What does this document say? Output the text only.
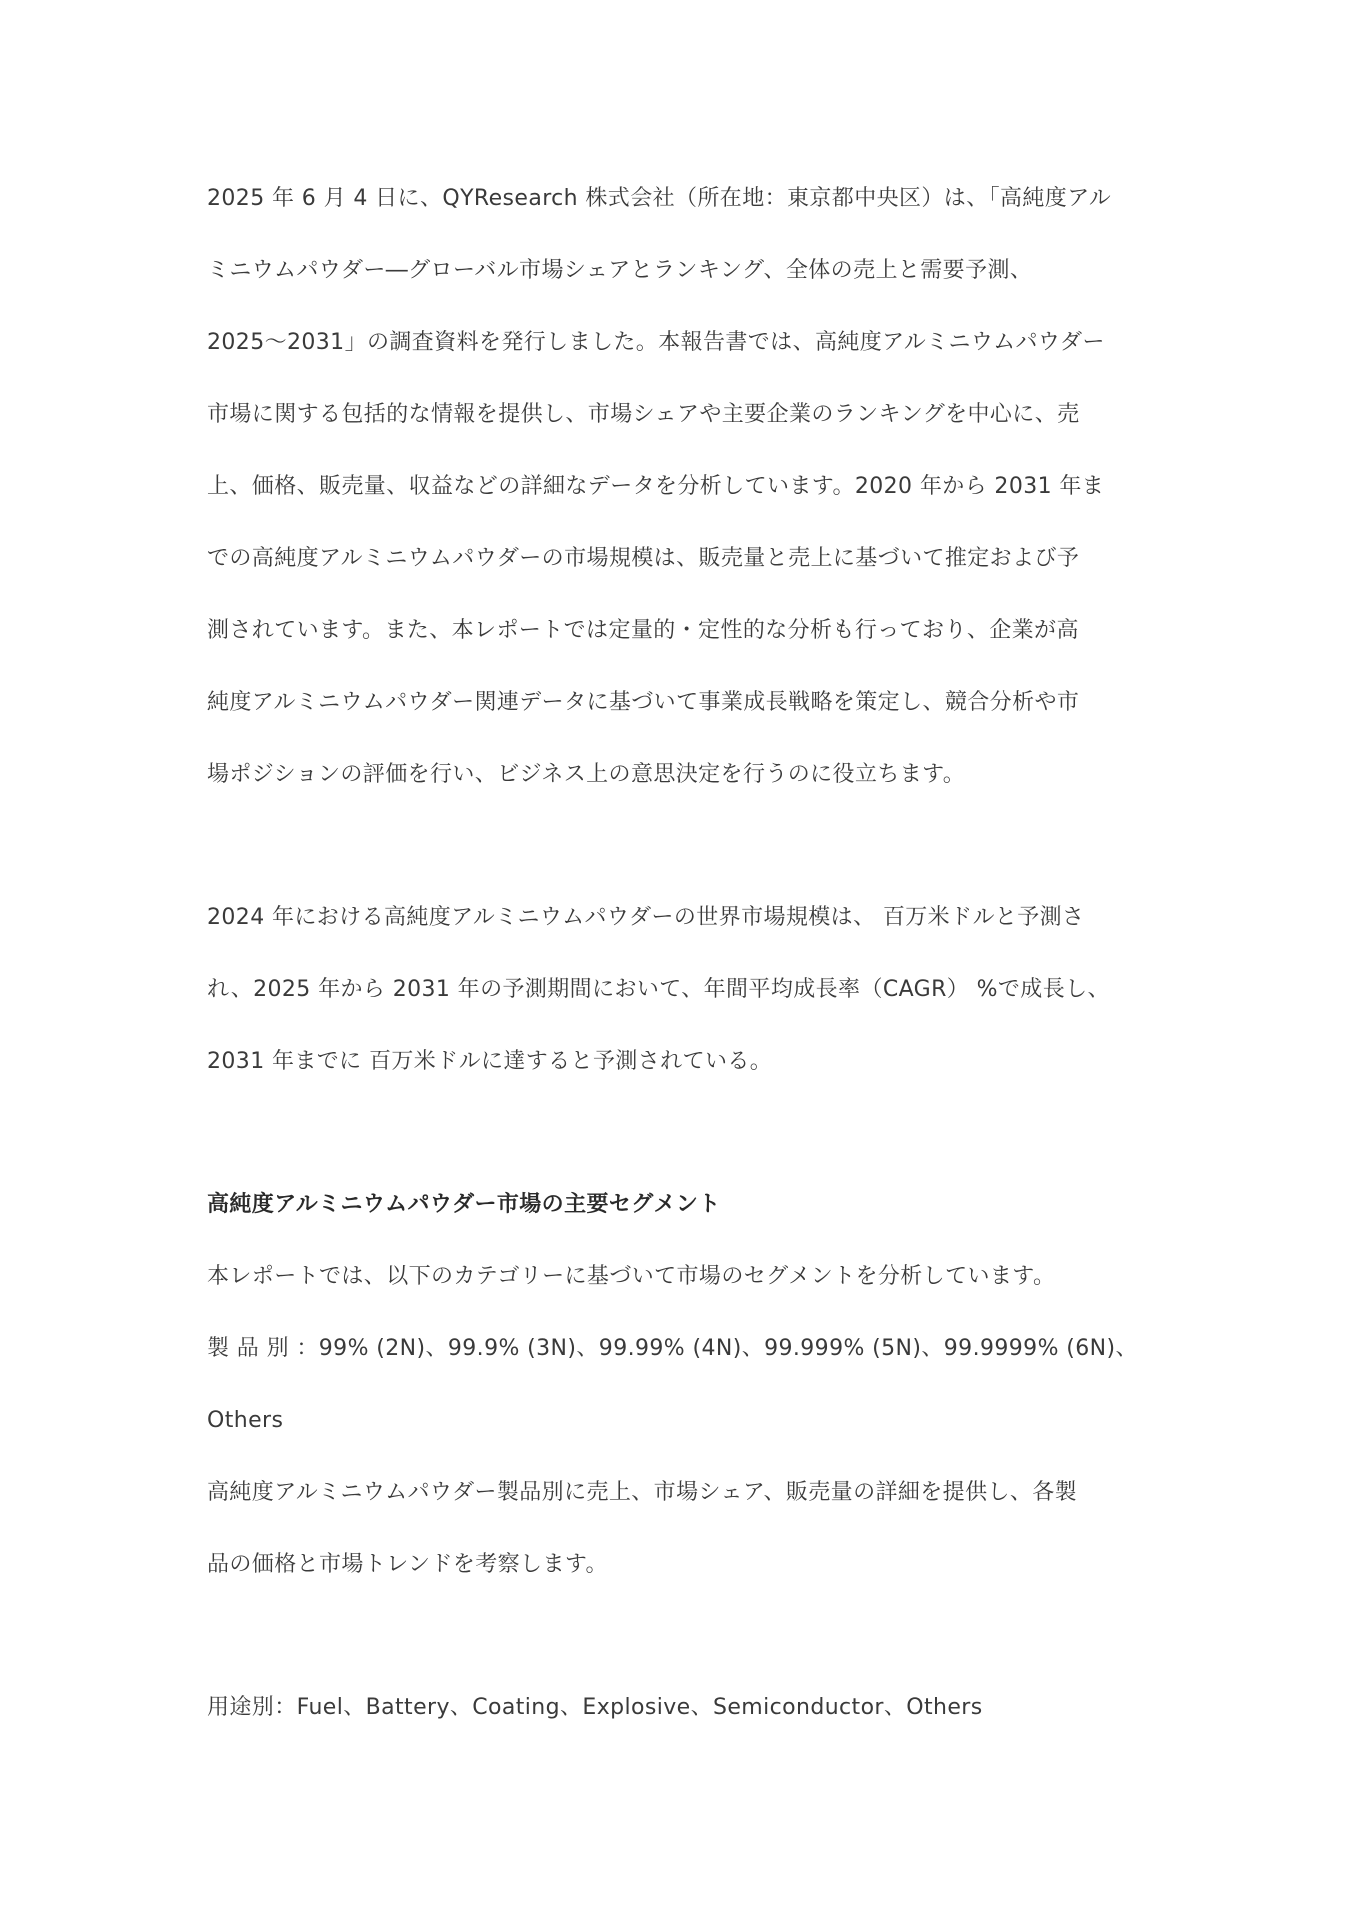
2025 年 6 月 4 日に、QYResearch 株式会社（所在地：東京都中央区）は、「高純度アル
ミニウムパウダー―グローバル市場シェアとランキング、全体の売上と需要予測、
2025～2031」の調査資料を発行しました。本報告書では、高純度アルミニウムパウダー
市場に関する包括的な情報を提供し、市場シェアや主要企業のランキングを中心に、売
上、価格、販売量、収益などの詳細なデータを分析しています。2020 年から 2031 年ま
での高純度アルミニウムパウダーの市場規模は、販売量と売上に基づいて推定および予
測されています。また、本レポートでは定量的・定性的な分析も行っており、企業が高
純度アルミニウムパウダー関連データに基づいて事業成長戦略を策定し、競合分析や市
場ポジションの評価を行い、ビジネス上の意思決定を行うのに役立ちます。
2024 年における高純度アルミニウムパウダーの世界市場規模は、 百万米ドルと予測さ
れ、2025 年から 2031 年の予測期間において、年間平均成長率（CAGR） %で成長し、
2031 年までに 百万米ドルに達すると予測されている。
高純度アルミニウムパウダー市場の主要セグメント
本レポートでは、以下のカテゴリーに基づいて市場のセグメントを分析しています。
製 品 別 ：99% (2N)、99.9% (3N)、99.99% (4N)、99.999% (5N)、99.9999% (6N)、
Others
高純度アルミニウムパウダー製品別に売上、市場シェア、販売量の詳細を提供し、各製
品の価格と市場トレンドを考察します。
用途別：Fuel、Battery、Coating、Explosive、Semiconductor、Others
